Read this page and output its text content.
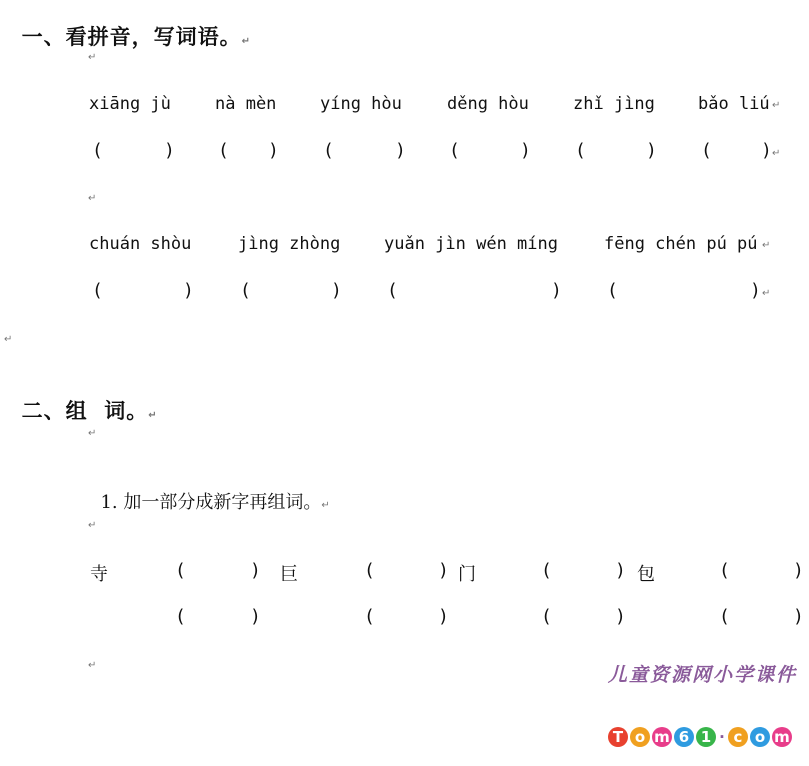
一、看拼音，写词语。↵

↵
xiāng jù	nà mèn	yíng hòu	děng hòu	zhǐ jìng	bǎo liú ↵
(	) ( ) (	) (	) (	) (	) ↵
↵
chuán shòu	jìng zhòng	yuǎn jìn wén míng	fēng chén pú pú ↵
(	)	(	)	(	)	(	) ↵
↵

二、组  词。↵

↵

1. 加一部分成新字再组词。↵

↵
寺	(	) 巨	(	) 门	(	) 包	(	)
(	)	(	)	(	)	(	)
↵

	儿童资源网小学课件

T o m 6 1 · c o m
